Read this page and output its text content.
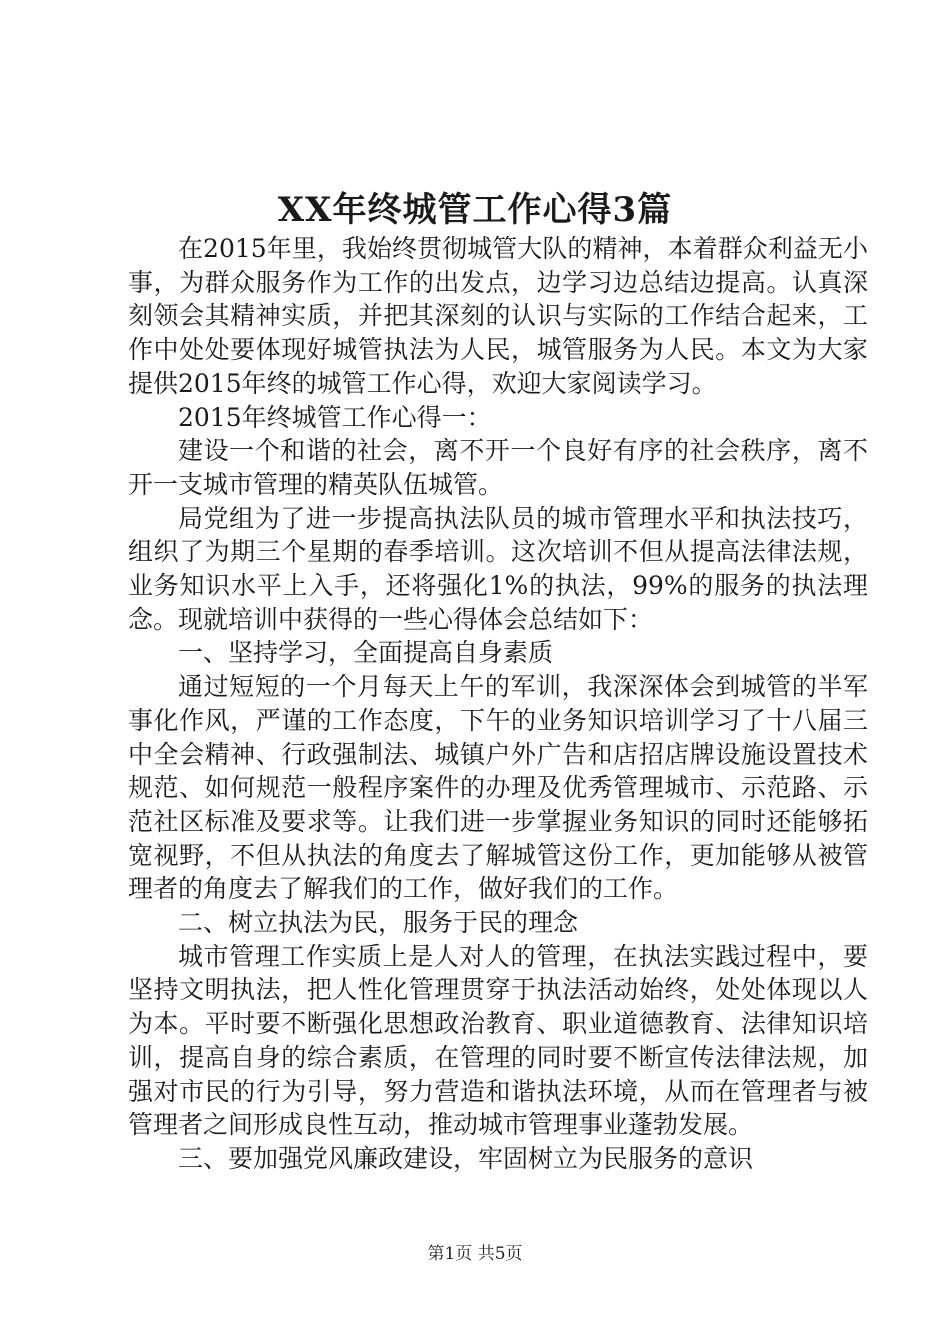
XX年终城管工作心得3篇

在2015年里，我始终贯彻城管大队的精神，本着群众利益无小事，为群众服务作为工作的出发点，边学习边总结边提高。认真深刻领会其精神实质，并把其深刻的认识与实际的工作结合起来，工作中处处要体现好城管执法为人民，城管服务为人民。本文为大家提供2015年终的城管工作心得，欢迎大家阅读学习。

2015年终城管工作心得一：

建设一个和谐的社会，离不开一个良好有序的社会秩序，离不开一支城市管理的精英队伍城管。

局党组为了进一步提高执法队员的城市管理水平和执法技巧，组织了为期三个星期的春季培训。这次培训不但从提高法律法规，业务知识水平上入手，还将强化1%的执法，99%的服务的执法理念。现就培训中获得的一些心得体会总结如下：

一、坚持学习，全面提高自身素质

通过短短的一个月每天上午的军训，我深深体会到城管的半军事化作风，严谨的工作态度，下午的业务知识培训学习了十八届三中全会精神、行政强制法、城镇户外广告和店招店牌设施设置技术规范、如何规范一般程序案件的办理及优秀管理城市、示范路、示范社区标准及要求等。让我们进一步掌握业务知识的同时还能够拓宽视野，不但从执法的角度去了解城管这份工作，更加能够从被管理者的角度去了解我们的工作，做好我们的工作。

二、树立执法为民，服务于民的理念

城市管理工作实质上是人对人的管理，在执法实践过程中，要坚持文明执法，把人性化管理贯穿于执法活动始终，处处体现以人为本。平时要不断强化思想政治教育、职业道德教育、法律知识培训，提高自身的综合素质，在管理的同时要不断宣传法律法规，加强对市民的行为引导，努力营造和谐执法环境，从而在管理者与被管理者之间形成良性互动，推动城市管理事业蓬勃发展。

三、要加强党风廉政建设，牢固树立为民服务的意识

第1页 共5页
